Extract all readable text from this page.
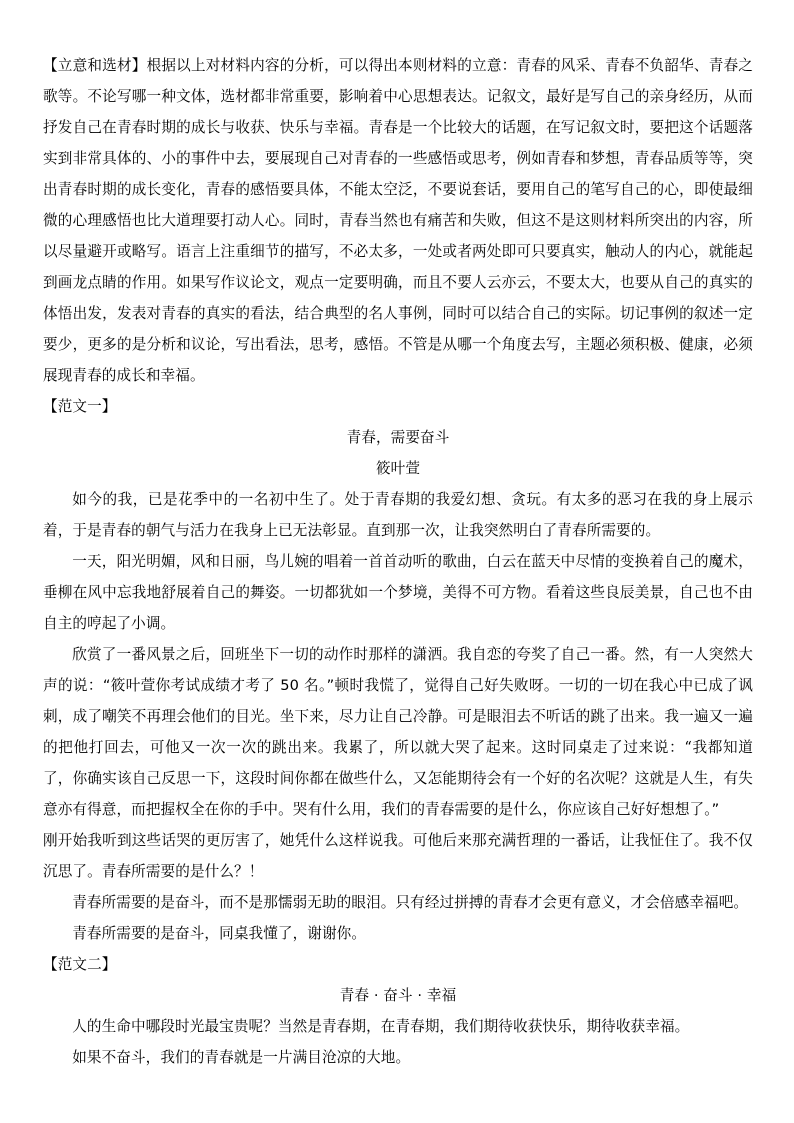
【立意和选材】根据以上对材料内容的分析，可以得出本则材料的立意：青春的风采、青春不负韶华、青春之歌等。不论写哪一种文体，选材都非常重要，影响着中心思想表达。记叙文，最好是写自己的亲身经历，从而抒发自己在青春时期的成长与收获、快乐与幸福。青春是一个比较大的话题，在写记叙文时，要把这个话题落实到非常具体的、小的事件中去，要展现自己对青春的一些感悟或思考，例如青春和梦想，青春品质等等，突出青春时期的成长变化，青春的感悟要具体，不能太空泛，不要说套话，要用自己的笔写自己的心，即使最细微的心理感悟也比大道理要打动人心。同时，青春当然也有痛苦和失败，但这不是这则材料所突出的内容，所以尽量避开或略写。语言上注重细节的描写，不必太多，一处或者两处即可只要真实，触动人的内心，就能起到画龙点睛的作用。如果写作议论文，观点一定要明确，而且不要人云亦云，不要太大，也要从自己的真实的体悟出发，发表对青春的真实的看法，结合典型的名人事例，同时可以结合自己的实际。切记事例的叙述一定要少，更多的是分析和议论，写出看法，思考，感悟。不管是从哪一个角度去写，主题必须积极、健康，必须展现青春的成长和幸福。

【范文一】

青春，需要奋斗

筱叶萱

如今的我，已是花季中的一名初中生了。处于青春期的我爱幻想、贪玩。有太多的恶习在我的身上展示着，于是青春的朝气与活力在我身上已无法彰显。直到那一次，让我突然明白了青春所需要的。

一天，阳光明媚，风和日丽，鸟儿婉的唱着一首首动听的歌曲，白云在蓝天中尽情的变换着自己的魔术，垂柳在风中忘我地舒展着自己的舞姿。一切都犹如一个梦境，美得不可方物。看着这些良辰美景，自己也不由自主的哼起了小调。

欣赏了一番风景之后，回班坐下一切的动作时那样的潇洒。我自恋的夸奖了自己一番。然，有一人突然大声的说：“筱叶萱你考试成绩才考了 50 名。”顿时我慌了，觉得自己好失败呀。一切的一切在我心中已成了讽刺，成了嘲笑不再理会他们的目光。坐下来，尽力让自己冷静。可是眼泪去不听话的跳了出来。我一遍又一遍的把他打回去，可他又一次一次的跳出来。我累了，所以就大哭了起来。这时同桌走了过来说：“我都知道了，你确实该自己反思一下，这段时间你都在做些什么，又怎能期待会有一个好的名次呢？这就是人生，有失意亦有得意，而把握权全在你的手中。哭有什么用，我们的青春需要的是什么，你应该自己好好想想了。”

刚开始我听到这些话哭的更厉害了，她凭什么这样说我。可他后来那充满哲理的一番话，让我怔住了。我不仅沉思了。青春所需要的是什么？！

青春所需要的是奋斗，而不是那懦弱无助的眼泪。只有经过拼搏的青春才会更有意义，才会倍感幸福吧。

青春所需要的是奋斗，同桌我懂了，谢谢你。

【范文二】

青春 · 奋斗 · 幸福

人的生命中哪段时光最宝贵呢？当然是青春期，在青春期，我们期待收获快乐，期待收获幸福。

如果不奋斗，我们的青春就是一片满目沧凉的大地。
